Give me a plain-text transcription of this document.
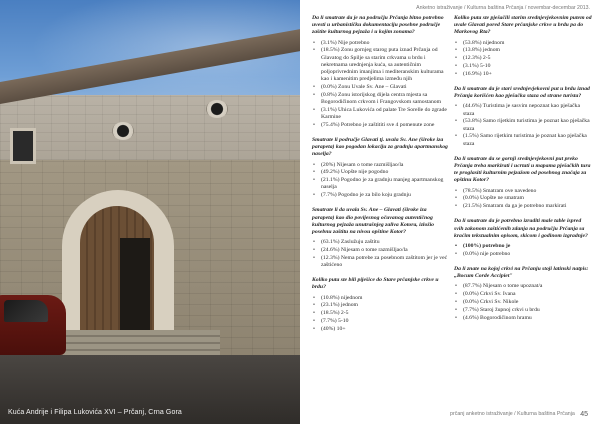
Kuća Andrije i Filipa Lukovića XVI – Prčanj, Crna Gora
Anketno istraživanje / Kulturna baština Prčanja / novembar-decembar 2013.

Da li smatrate da je na području Prčanja bitno potrebno uvesti u urbanističku dokumentaciju posebne područje zaštite kulturnog pejzaža i u kojim zonama?

• (3.1%) Nije potrebno
• (18.5%) Zonu gornjeg starog puta iznad Prčanja od Glavatog do Spilje sa starim crkvama u brdu i nekretnama urednjenja kuća, sa autentičnim poljoprivrednim imanjima i mediteranskim kulturama kao i kamenitim predjelima između njih
• (0.0%) Zonu Uvale Sv. Ane – Glavati
• (0.8%) Zonu istorijskog dijela centra mjesta sa Bogorodičinom crkvom i Frangovskom samostanom
• (3.1%) Uhica Lukovića od palate Tre Sorelle do zgrade Karmine
• (75.4%) Potrebno je zaštititi sve 4 pomenute zone

Smatrate li područje Glavati tj. uvala Sv. Ane (široke iza parapeta) kao pogodan lokaciju za gradnju apartmanskog naselja?

• (20%) Nijesam o tome razmišljao/la
• (49.2%) Uopšte nije pogodno
• (21.1%) Pogodno je za gradnju manjeg apartmanskog naselja
• (7.7%) Pogodno je za bilo koju gradnju

Smatrate li da uvala Sv. Ane – Glavati (široke iza parapeta) kao dio povijesnog očuvanog autentičnog kulturnog pejzaža unutrašnjeg zaliva Kotora, izložio posebnu zaštitu na nivou opštine Kotor?

• (63.1%) Zaslužuju zaštitu
• (24.6%) Nijesam o tome razmišljao/la
• (12.3%) Nema potrebe za posebnom zaštitom jer je već zaštićeno

Koliko puta ste bili piješice do Stare prčanjske crkve u brdu?

• (10.8%) nijednom
• (23.1%) jednom
• (18.5%) 2-5
• (7.7%) 5-10
• (40%) 10+

Koliko puta ste pješačili starim srednjevjekovnim putem od uvale Glavati pored Stare prčanjske crkve u brdu pa do Markovog Rta?

• (53.8%) nijednom
• (13.8%) jednom
• (12.3%) 2-5
• (3.1%) 5-10
• (16.9%) 10+

Da li smatrate da je stari srednjevjekovni put u brdu iznad Prčanja korišćen kao pješačka staza od strane turista?

• (44.6%) Turistima je sasvim nepoznat kao pješačka staza
• (53.8%) Samo rijetkim turistima je poznat kao pješačka staza
• (1.5%) Samo rijetkim turistima je poznat kao pješačka staza

Da li smatrate da se gornji srednjevjekovni put preko Prčanja treba markirati i ucrtati u mapama pješačkih tura te proglasiti kulturnim pejzažom od posebnog značaja za opštinu Kotor?

• (78.5%) Smatram ove navedeno
• (0.0%) Uopšte ne smatram
• (21.5%) Smatram da ga je potrebno markirati

Da li smatrate da je potrebno izraditi male table ispred svih zakonom zaštićenih zdanja na području Prčanja sa kraćim tekstualnim opisom, skicom i godinom izgradnje?

• (100%) potrebno je
• (0.0%) nije potrebno

Da li znate na kojoj crkvi na Prčanju stoji latinski natpis: „Bocum Corde Accipiet"

• (87.7%) Nijesam o tome upoznat/a
• (0.0%) Crkvi Sv. Ivana
• (0.0%) Crkvi Sv. Nikole
• (7.7%) Staroj župnoj crkvi u brdu
• (4.6%) Bogorodičinom hramu
prčanj anketno istraživanje / Kulturna baština Prčanja 45
